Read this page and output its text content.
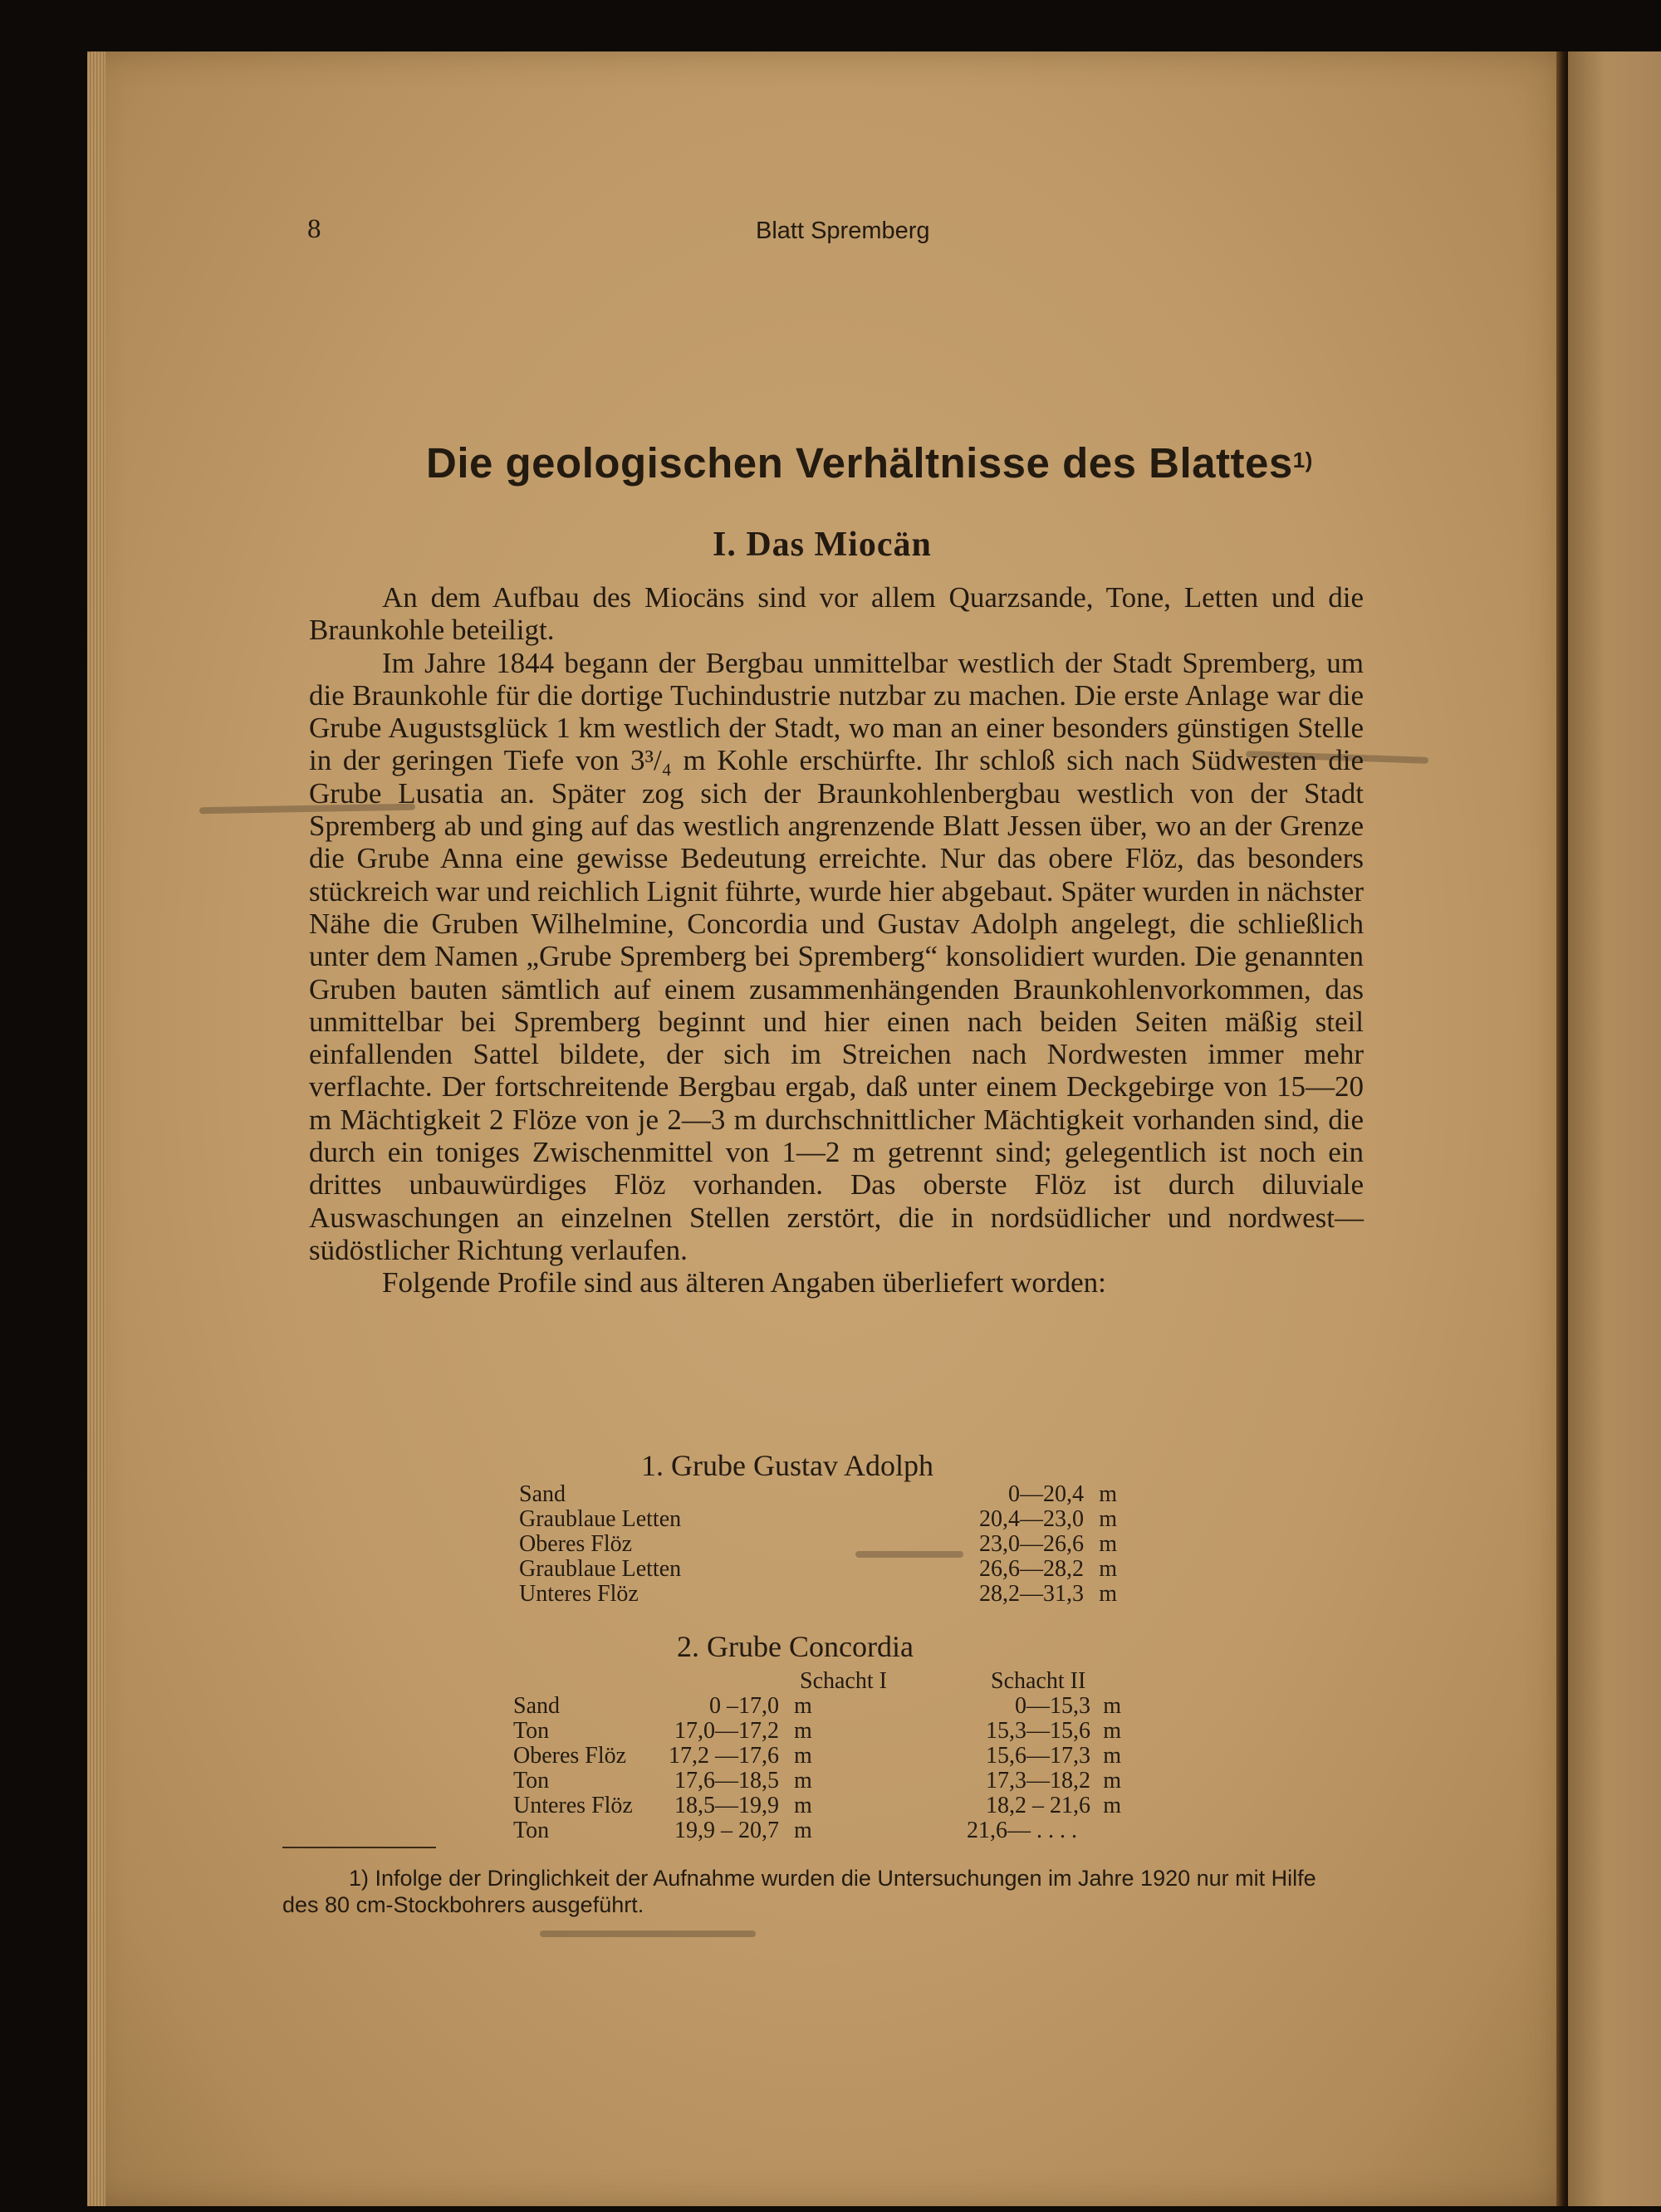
8	Blatt Spremberg
Die geologischen Verhältnisse des Blattes$^{1)}$
I. Das Miocän

An dem Aufbau des Miocäns sind vor allem Quarzsande, Tone, Letten und die Braunkohle beteiligt.

Im Jahre 1844 begann der Bergbau unmittelbar westlich der Stadt Spremberg, um die Braunkohle für die dortige Tuchindustrie nutzbar zu machen. Die erste Anlage war die Grube Augustsglück 1 km westlich der Stadt, wo man an einer besonders günstigen Stelle in der geringen Tiefe von 3³/₄ m Kohle erschürfte. Ihr schloß sich nach Südwesten die Grube Lusatia an. Später zog sich der Braunkohlenbergbau westlich von der Stadt Spremberg ab und ging auf das westlich angrenzende Blatt Jessen über, wo an der Grenze die Grube Anna eine gewisse Bedeutung erreichte. Nur das obere Flöz, das besonders stückreich war und reichlich Lignit führte, wurde hier abgebaut. Später wurden in nächster Nähe die Gruben Wilhelmine, Concordia und Gustav Adolph angelegt, die schließlich unter dem Namen „Grube Spremberg bei Spremberg“ konsolidiert wurden. Die genannten Gruben bauten sämtlich auf einem zusammenhängenden Braunkohlenvorkommen, das unmittelbar bei Spremberg beginnt und hier einen nach beiden Seiten mäßig steil einfallenden Sattel bildete, der sich im Streichen nach Nordwesten immer mehr verflachte. Der fortschreitende Bergbau ergab, daß unter einem Deckgebirge von 15—20 m Mächtigkeit 2 Flöze von je 2—3 m durchschnittlicher Mächtigkeit vorhanden sind, die durch ein toniges Zwischenmittel von 1—2 m getrennt sind; gelegentlich ist noch ein drittes unbauwürdiges Flöz vorhanden. Das oberste Flöz ist durch diluviale Auswaschungen an einzelnen Stellen zerstört, die in nordsüdlicher und nordwest—südöstlicher Richtung verlaufen.

Folgende Profile sind aus älteren Angaben überliefert worden:

1. Grube Gustav Adolph
Sand	0—20,4 m
Graublaue Letten	20,4—23,0 m
Oberes Flöz	23,0—26,6 m
Graublaue Letten	26,6—28,2 m
Unteres Flöz	28,2—31,3 m
2. Grube Concordia
Schacht I	Schacht II
Sand	0 –17,0 m	0—15,3 m
Ton	17,0—17,2 m	15,3—15,6 m
Oberes Flöz 17,2 —17,6 m	15,6—17,3 m
Ton	17,6—18,5 m	17,3—18,2 m
Unteres Flöz 18,5—19,9 m	18,2 – 21,6 m
Ton	19,9 – 20,7 m	21,6— . . . .
1) Infolge der Dringlichkeit der Aufnahme wurden die Untersuchungen im Jahre 1920 nur mit Hilfe des 80 cm-Stockbohrers ausgeführt.
